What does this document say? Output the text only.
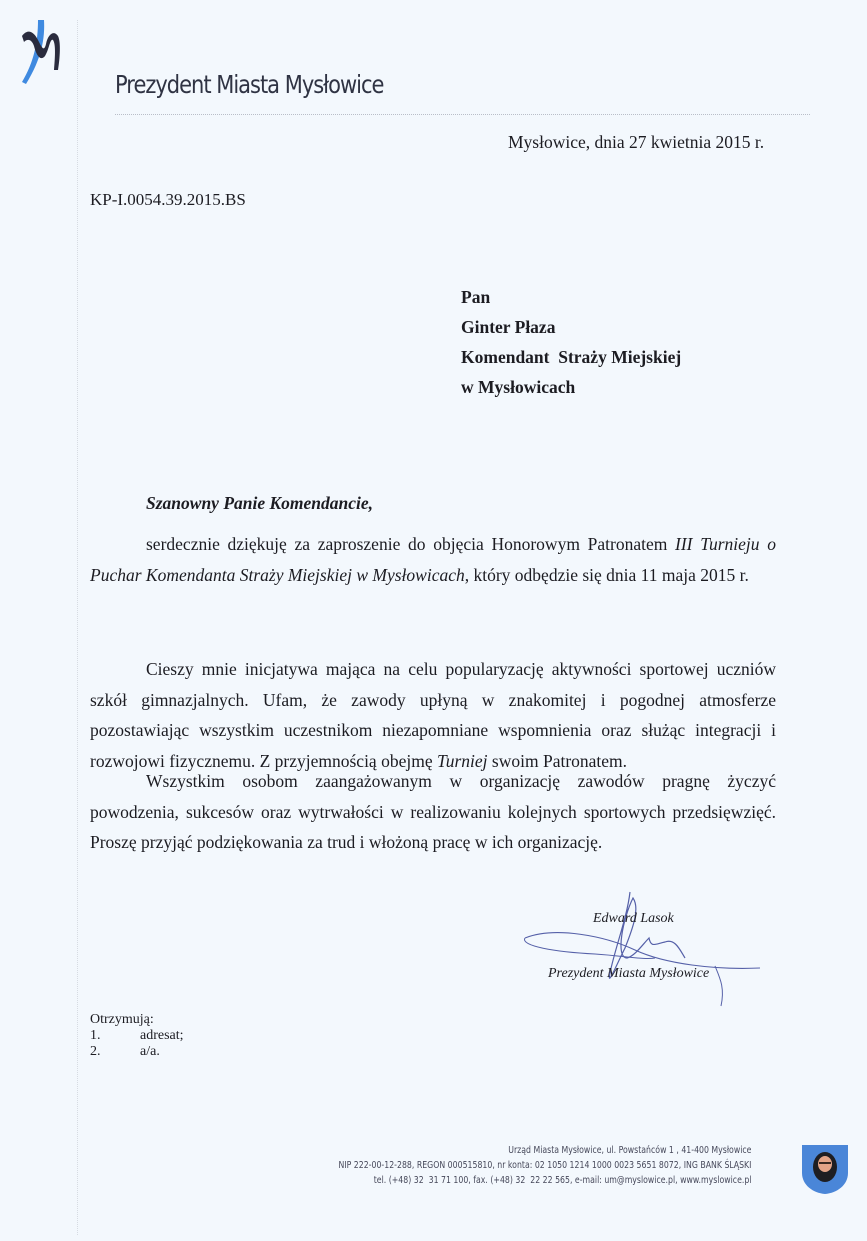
Prezydent Miasta Mysłowice
Mysłowice, dnia 27 kwietnia 2015 r.
KP-I.0054.39.2015.BS
Pan
Ginter Płaza
Komendant  Straży Miejskiej
w Mysłowicach
Szanowny Panie Komendancie,
serdecznie dziękuję za zaproszenie do objęcia Honorowym Patronatem III Turnieju o Puchar Komendanta Straży Miejskiej w Mysłowicach, który odbędzie się dnia 11 maja 2015 r.
Cieszy mnie inicjatywa mająca na celu popularyzację aktywności sportowej uczniów szkół gimnazjalnych. Ufam, że zawody upłyną w znakomitej i pogodnej atmosferze pozostawiając wszystkim uczestnikom niezapomniane wspomnienia oraz służąc integracji i rozwojowi fizycznemu. Z przyjemnością obejmę Turniej swoim Patronatem.
Wszystkim osobom zaangażowanym w organizację zawodów pragnę życzyć powodzenia, sukcesów oraz wytrwałości w realizowaniu kolejnych sportowych przedsięwzięć. Proszę przyjąć podziękowania za trud i włożoną pracę w ich organizację.
Edward Lasok
Prezydent Miasta Mysłowice
Otrzymują:
1.	adresat;
2.	a/a.
Urząd Miasta Mysłowice, ul. Powstańców 1 , 41-400 Mysłowice
NIP 222-00-12-288, REGON 000515810, nr konta: 02 1050 1214 1000 0023 5651 8072, ING BANK ŚLĄSKI
tel. (+48) 32  31 71 100, fax. (+48) 32  22 22 565, e-mail: um@myslowice.pl, www.myslowice.pl
